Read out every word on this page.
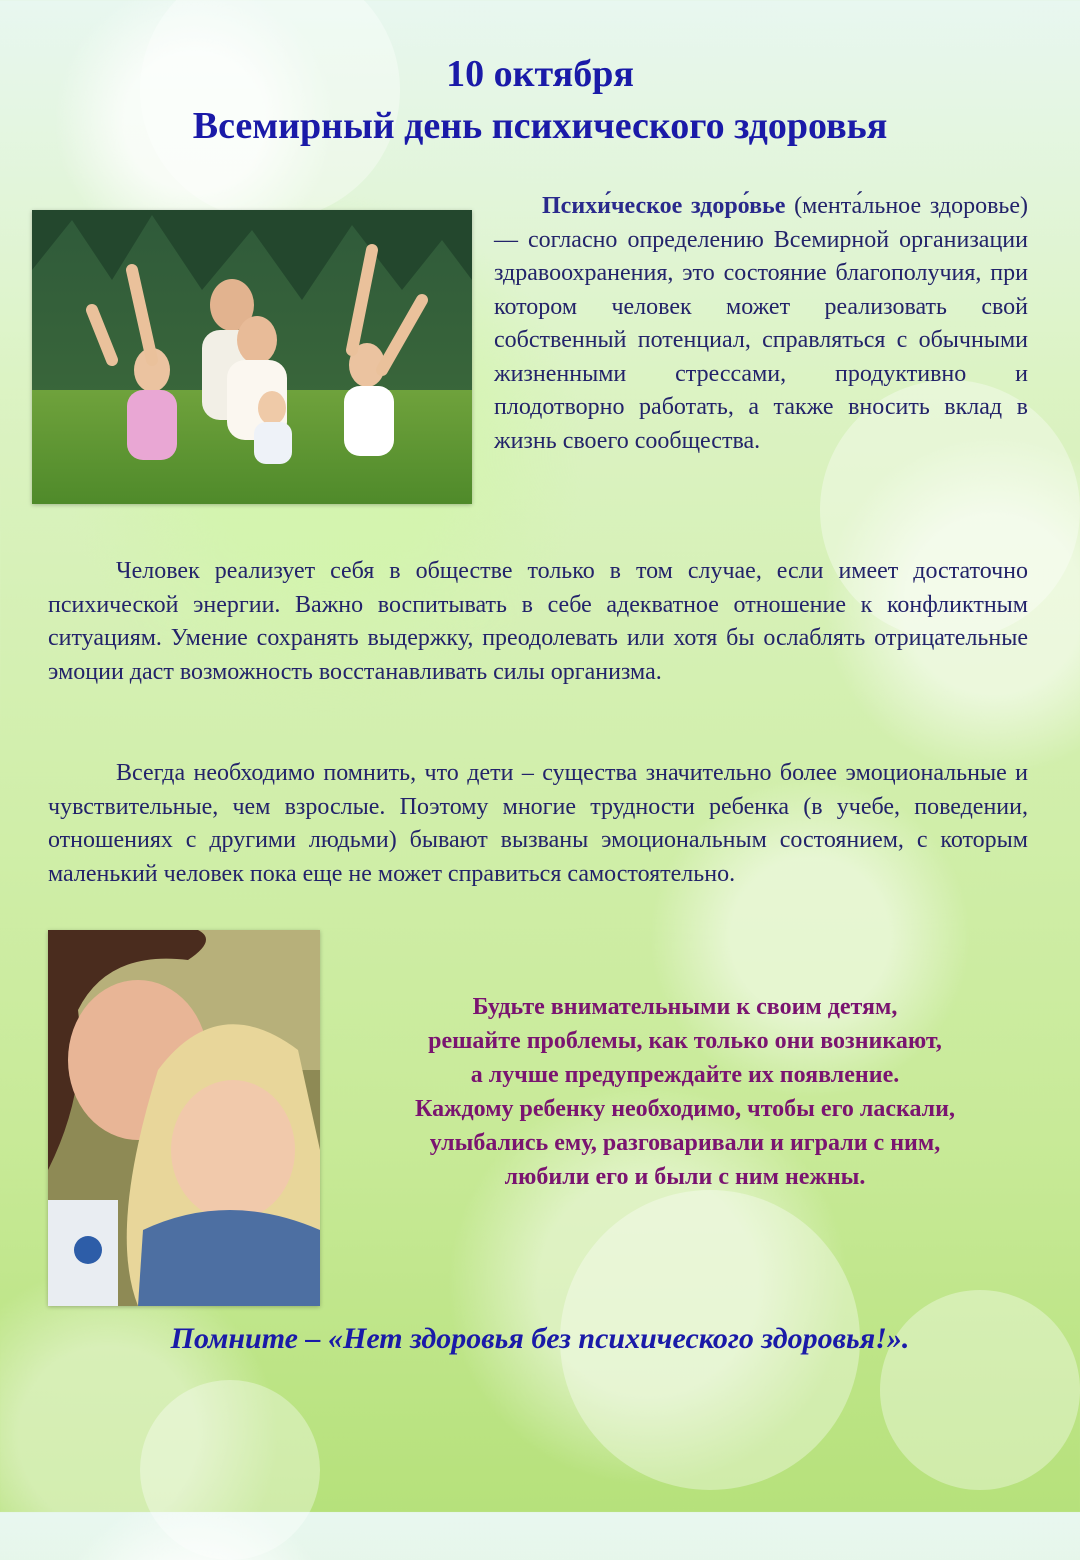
10 октября
Всемирный день психического здоровья
Психи́ческое здоро́вье (мента́льное здоровье) — согласно определению Всемирной организации здравоохранения, это состояние благополучия, при котором человек может реализовать свой собственный потенциал, справляться с обычными жизненными стрессами, продуктивно и плодотворно работать, а также вносить вклад в жизнь своего сообщества.
Человек реализует себя в обществе только в том случае, если имеет достаточно психической энергии. Важно воспитывать в себе адекватное отношение к конфликтным ситуациям. Умение сохранять выдержку, преодолевать или хотя бы ослаблять отрицательные эмоции даст возможность восстанавливать силы организма.
Всегда необходимо помнить, что дети – существа значительно более эмоциональные и чувствительные, чем взрослые. Поэтому многие трудности ребенка (в учебе, поведении, отношениях с другими людьми) бывают вызваны эмоциональным состоянием, с которым маленький человек пока еще не может справиться самостоятельно.
Будьте внимательными к своим детям,
решайте проблемы, как только они возникают,
а лучше предупреждайте их появление.
Каждому ребенку необходимо, чтобы его ласкали,
улыбались ему, разговаривали и играли с ним,
любили его и были с ним нежны.
Помните – «Нет здоровья без психического здоровья!».
